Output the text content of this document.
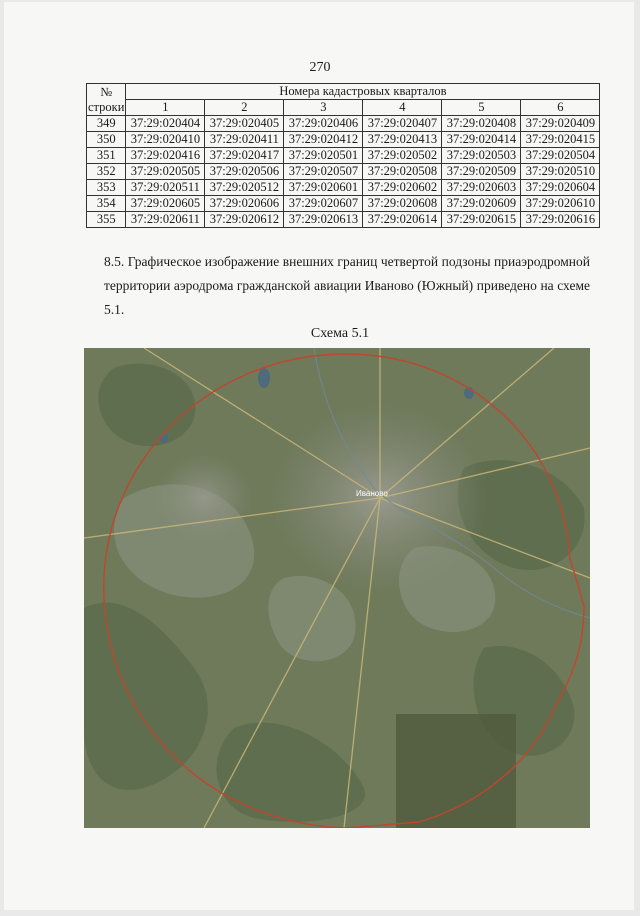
270
№ строки	Номера кадастровых кварталов					
	1	2	3	4	5	6
349	37:29:020404	37:29:020405	37:29:020406	37:29:020407	37:29:020408	37:29:020409
350	37:29:020410	37:29:020411	37:29:020412	37:29:020413	37:29:020414	37:29:020415
351	37:29:020416	37:29:020417	37:29:020501	37:29:020502	37:29:020503	37:29:020504
352	37:29:020505	37:29:020506	37:29:020507	37:29:020508	37:29:020509	37:29:020510
353	37:29:020511	37:29:020512	37:29:020601	37:29:020602	37:29:020603	37:29:020604
354	37:29:020605	37:29:020606	37:29:020607	37:29:020608	37:29:020609	37:29:020610
355	37:29:020611	37:29:020612	37:29:020613	37:29:020614	37:29:020615	37:29:020616
8.5. Графическое изображение внешних границ четвертой подзоны приаэродромной территории аэродрома гражданской авиации Иваново (Южный) приведено на схеме 5.1.
Схема 5.1
Иваново
